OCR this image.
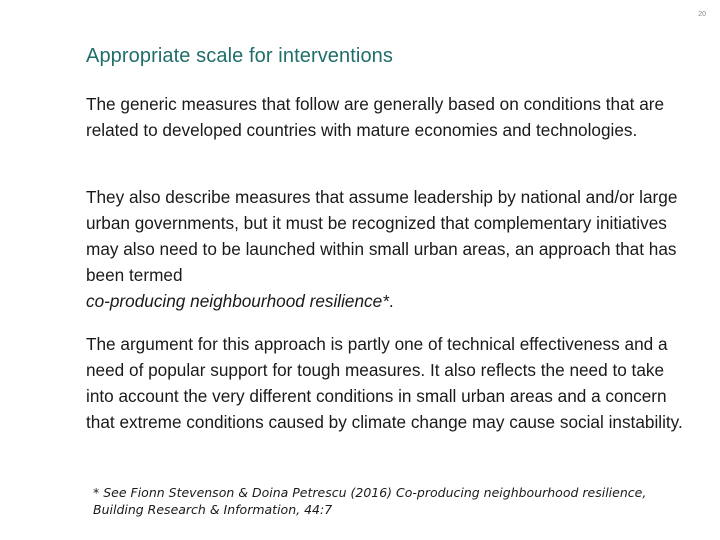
20
Appropriate scale for interventions

The generic measures that follow are generally based on conditions that are related to developed countries with mature economies and technologies.

They also describe measures that assume leadership by national and/or large urban governments, but it must be recognized that complementary initiatives may also need to be launched within small urban areas, an approach that has been termed
co-producing neighbourhood resilience*.

The argument for this approach is partly one of technical effectiveness and a need of popular support for tough measures. It also reflects the need to take into account the very different conditions in small urban areas and a concern that extreme conditions caused by climate change may cause social instability.

* See Fionn Stevenson & Doina Petrescu (2016) Co-producing neighbourhood resilience, Building Research & Information, 44:7
